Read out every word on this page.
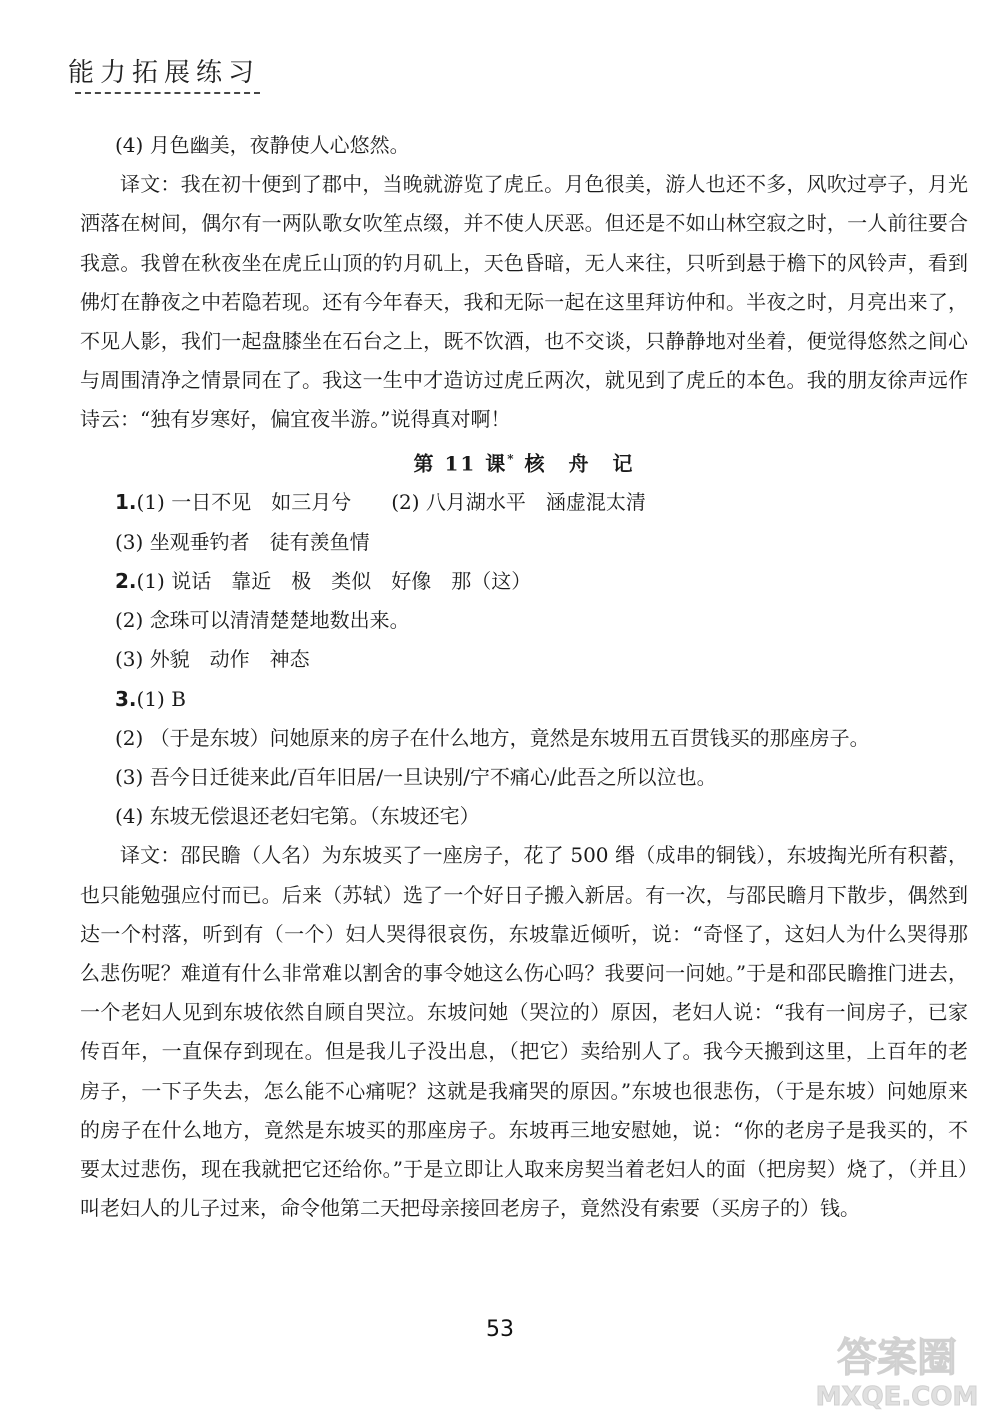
能力拓展练习

(4) 月色幽美，夜静使人心悠然。

译文：我在初十便到了郡中，当晚就游览了虎丘。月色很美，游人也还不多，风吹过亭子，月光洒落在树间，偶尔有一两队歌女吹笙点缀，并不使人厌恶。但还是不如山林空寂之时，一人前往要合我意。我曾在秋夜坐在虎丘山顶的钓月矶上，天色昏暗，无人来往，只听到悬于檐下的风铃声，看到佛灯在静夜之中若隐若现。还有今年春天，我和无际一起在这里拜访仲和。半夜之时，月亮出来了，不见人影，我们一起盘膝坐在石台之上，既不饮酒，也不交谈，只静静地对坐着，便觉得悠然之间心与周围清净之情景同在了。我这一生中才造访过虎丘两次，就见到了虎丘的本色。我的朋友徐声远作诗云：“独有岁寒好，偏宜夜半游。”说得真对啊！

第 11 课* 核　舟　记

1.(1) 一日不见　如三月兮　　(2) 八月湖水平　涵虚混太清

(3) 坐观垂钓者　徒有羡鱼情

2.(1) 说话　靠近　极　类似　好像　那（这）

(2) 念珠可以清清楚楚地数出来。

(3) 外貌　动作　神态

3.(1) B

(2) （于是东坡）问她原来的房子在什么地方，竟然是东坡用五百贯钱买的那座房子。

(3) 吾今日迁徙来此/百年旧居/一旦诀别/宁不痛心/此吾之所以泣也。

(4) 东坡无偿退还老妇宅第。（东坡还宅）

译文：邵民瞻（人名）为东坡买了一座房子，花了 500 缗（成串的铜钱），东坡掏光所有积蓄，也只能勉强应付而已。后来（苏轼）选了一个好日子搬入新居。有一次，与邵民瞻月下散步，偶然到达一个村落，听到有（一个）妇人哭得很哀伤，东坡靠近倾听，说：“奇怪了，这妇人为什么哭得那么悲伤呢？难道有什么非常难以割舍的事令她这么伤心吗？我要问一问她。”于是和邵民瞻推门进去，一个老妇人见到东坡依然自顾自哭泣。东坡问她（哭泣的）原因，老妇人说：“我有一间房子，已家传百年，一直保存到现在。但是我儿子没出息，（把它）卖给别人了。我今天搬到这里，上百年的老房子，一下子失去，怎么能不心痛呢？这就是我痛哭的原因。”东坡也很悲伤，（于是东坡）问她原来的房子在什么地方，竟然是东坡买的那座房子。东坡再三地安慰她，说：“你的老房子是我买的，不要太过悲伤，现在我就把它还给你。”于是立即让人取来房契当着老妇人的面（把房契）烧了，（并且）叫老妇人的儿子过来，命令他第二天把母亲接回老房子，竟然没有索要（买房子的）钱。

53
答案圈
MXQE.COM
